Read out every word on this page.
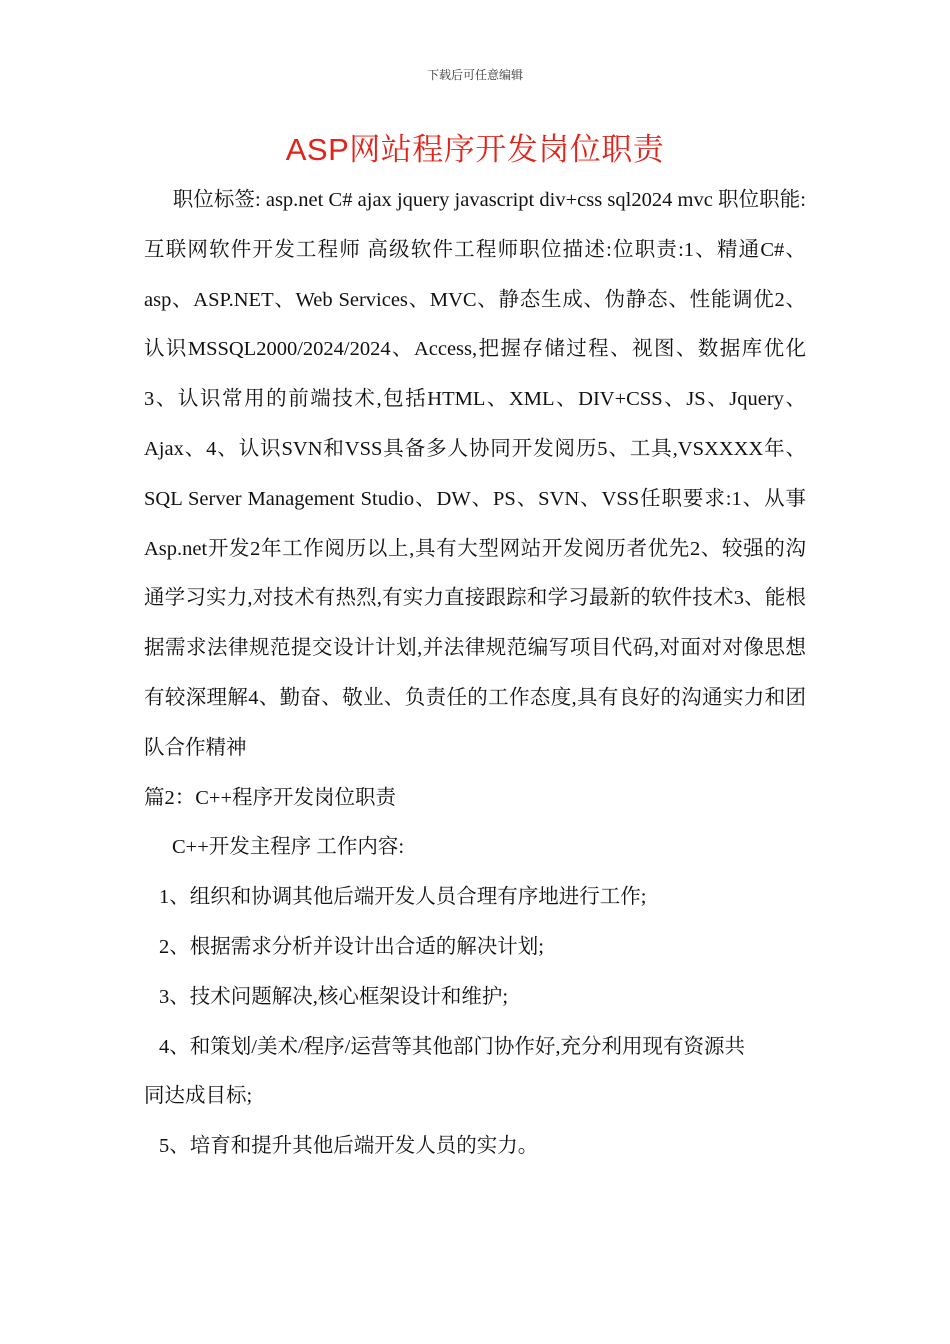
下载后可任意编辑
ASP网站程序开发岗位职责

职位标签: asp.net C# ajax jquery javascript div+css sql2024 mvc 职位职能: 互联网软件开发工程师 高级软件工程师职位描述:位职责:1、精通C#、asp、ASP.NET、Web Services、MVC、静态生成、伪静态、性能调优2、认识MSSQL2000/2024/2024、Access,把握存储过程、视图、数据库优化3、认识常用的前端技术,包括HTML、XML、DIV+CSS、JS、Jquery、Ajax、4、认识SVN和VSS具备多人协同开发阅历5、工具,VSXXXX年、SQL Server Management Studio、DW、PS、SVN、VSS任职要求:1、从事Asp.net开发2年工作阅历以上,具有大型网站开发阅历者优先2、较强的沟通学习实力,对技术有热烈,有实力直接跟踪和学习最新的软件技术3、能根据需求法律规范提交设计计划,并法律规范编写项目代码,对面对对像思想有较深理解4、勤奋、敬业、负责任的工作态度,具有良好的沟通实力和团队合作精神

篇2：C++程序开发岗位职责

C++开发主程序 工作内容:

1、组织和协调其他后端开发人员合理有序地进行工作;

2、根据需求分析并设计出合适的解决计划;

3、技术问题解决,核心框架设计和维护;

4、和策划/美术/程序/运营等其他部门协作好,充分利用现有资源共
同达成目标;

5、培育和提升其他后端开发人员的实力。
